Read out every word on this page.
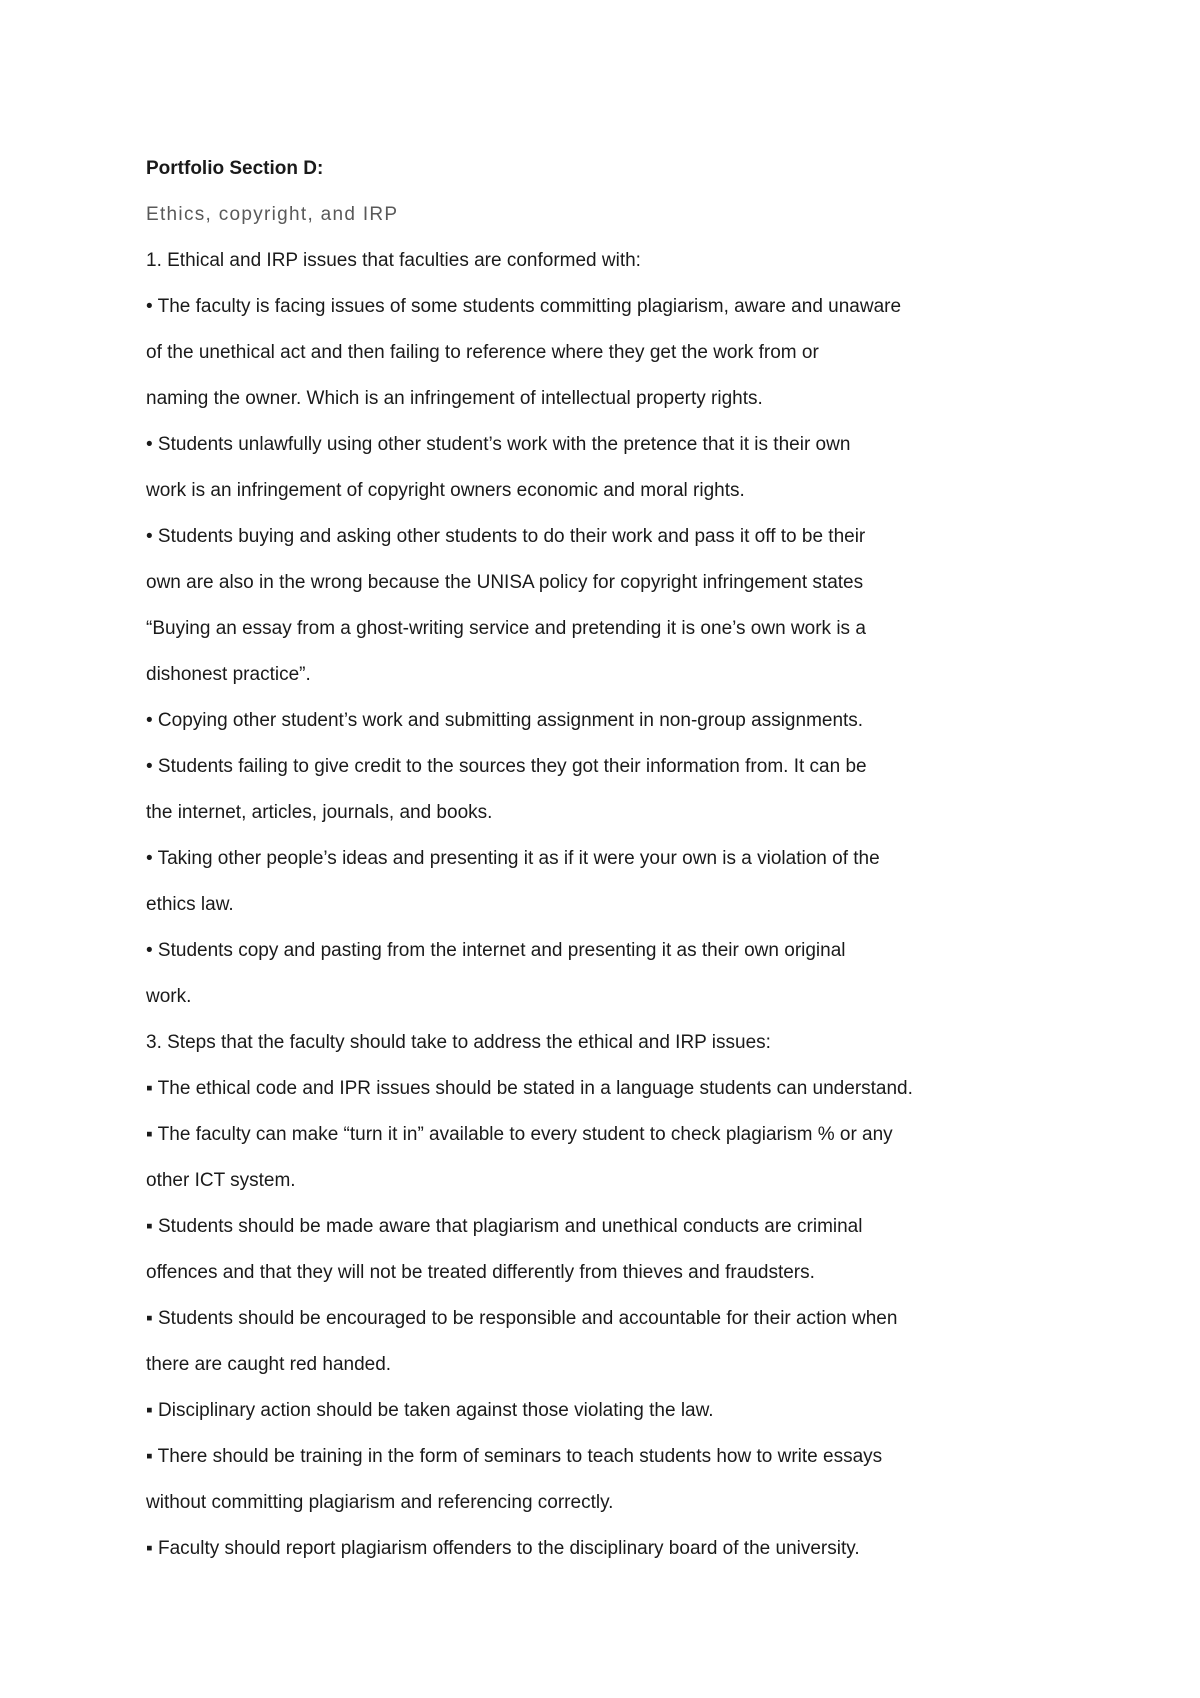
Portfolio Section D:

Ethics, copyright, and IRP

1. Ethical and IRP issues that faculties are conformed with:

• The faculty is facing issues of some students committing plagiarism, aware and unaware

of the unethical act and then failing to reference where they get the work from or

naming the owner. Which is an infringement of intellectual property rights.

• Students unlawfully using other student’s work with the pretence that it is their own

work is an infringement of copyright owners economic and moral rights.

• Students buying and asking other students to do their work and pass it off to be their

own are also in the wrong because the UNISA policy for copyright infringement states

“Buying an essay from a ghost-writing service and pretending it is one’s own work is a

dishonest practice”.

• Copying other student’s work and submitting assignment in non-group assignments.

• Students failing to give credit to the sources they got their information from. It can be

the internet, articles, journals, and books.

• Taking other people’s ideas and presenting it as if it were your own is a violation of the

ethics law.

• Students copy and pasting from the internet and presenting it as their own original

work.

3. Steps that the faculty should take to address the ethical and IRP issues:

▪ The ethical code and IPR issues should be stated in a language students can understand.

▪ The faculty can make “turn it in” available to every student to check plagiarism % or any

other ICT system.

▪ Students should be made aware that plagiarism and unethical conducts are criminal

offences and that they will not be treated differently from thieves and fraudsters.

▪ Students should be encouraged to be responsible and accountable for their action when

there are caught red handed.

▪ Disciplinary action should be taken against those violating the law.

▪ There should be training in the form of seminars to teach students how to write essays

without committing plagiarism and referencing correctly.

▪ Faculty should report plagiarism offenders to the disciplinary board of the university.
